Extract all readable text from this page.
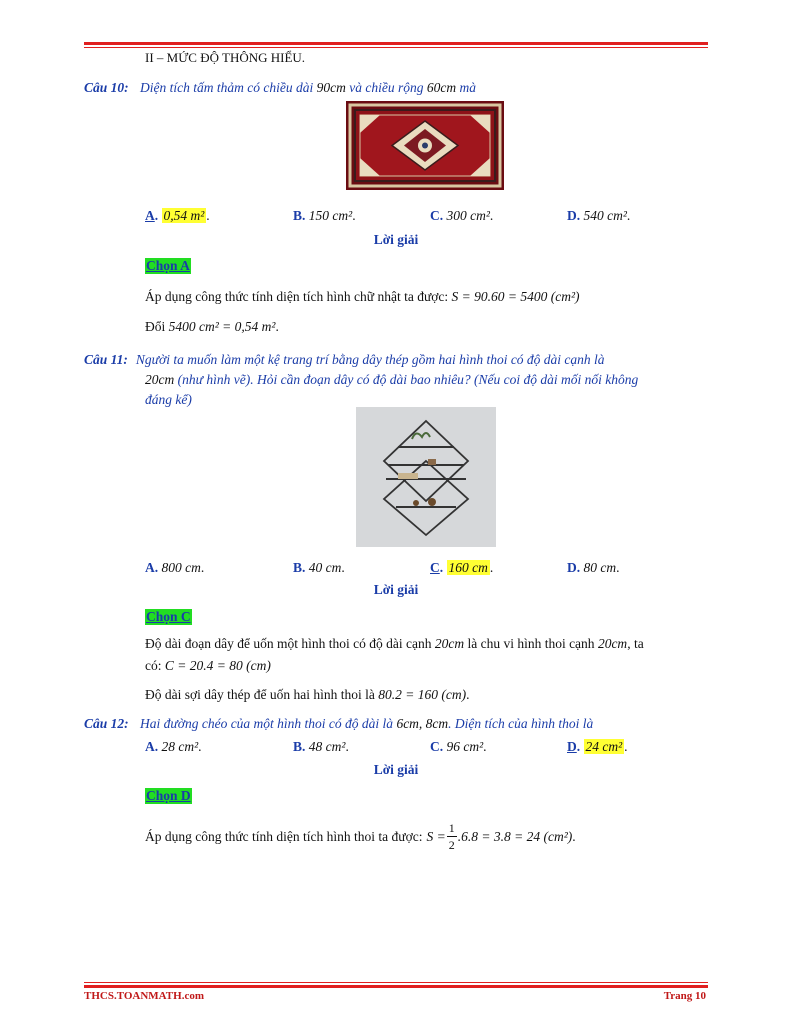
II – MỨC ĐỘ THÔNG HIỂU.
Câu 10: Diện tích tấm thảm có chiều dài 90cm và chiều rộng 60cm mà
A. 0,54 m² .	B. 150 cm².	C. 300 cm².	D. 540 cm².
Lời giải
Chọn A
Áp dụng công thức tính diện tích hình chữ nhật ta được: S = 90.60 = 5400 (cm²)
Đổi 5400 cm² = 0,54 m².
Câu 11: Người ta muốn làm một kệ trang trí bằng dây thép gồm hai hình thoi có độ dài cạnh là
20cm (như hình vẽ). Hỏi cần đoạn dây có độ dài bao nhiêu? (Nếu coi độ dài mối nối không
đáng kể)
A. 800 cm.	B. 40 cm.	C. 160 cm .	D. 80 cm.
Lời giải
Chọn C
Độ dài đoạn dây để uốn một hình thoi có độ dài cạnh 20cm là chu vi hình thoi cạnh 20cm, ta
có: C = 20.4 = 80 (cm)
Độ dài sợi dây thép để uốn hai hình thoi là 80.2 = 160 (cm).
Câu 12: Hai đường chéo của một hình thoi có độ dài là 6cm, 8cm. Diện tích của hình thoi là
A. 28 cm².	B. 48 cm².	C. 96 cm².	D. 24 cm² .
Lời giải
Chọn D
Áp dụng công thức tính diện tích hình thoi ta được: $S = \frac{1}{2} .6.8 = 3.8 = 24$ (cm²) .
THCS.TOANMATH.com	Trang 10
